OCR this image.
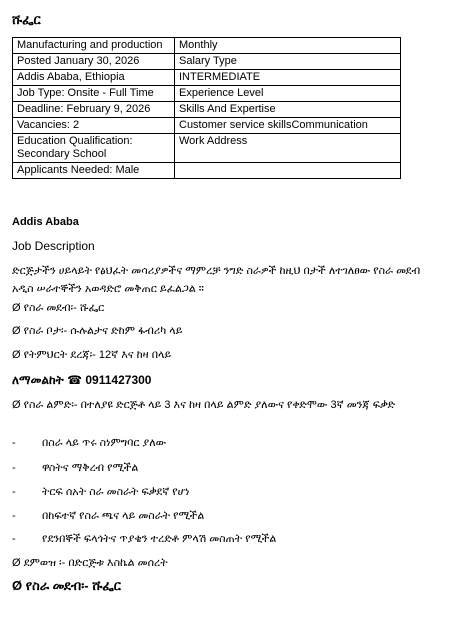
ሹፌር
Manufacturing and production	Monthly
Posted January 30, 2026	Salary Type
Addis Ababa, Ethiopia	INTERMEDIATE
Job Type: Onsite - Full Time	Experience Level
Deadline: February 9, 2026	Skills And Expertise
Vacancies: 2	Customer service skillsCommunication
Education Qualification: Secondary School	Work Address
Applicants Needed: Male	
Addis Ababa
Job Description
ድርጅታችን ሀይላይት የፅህፈት መሳሪያዎችና ማምረቻ ንግድ ስራዎች ከዚህ በታች ለተገለፀው የስራ መደብ አዲስ ሠራተኞችን አወዳድሮ መቅጠር ይፈልጋል ።
Ø የስራ መደብ፡- ሹፌር
Ø የስራ ቦታ፡- ሱሉልታና ድከም ፋብሪካ ላይ
Ø የትምህርት ደረጃ፡- 12ኛ እና ከዛ በላይ
ለማመልከት ☎ 0911427300
Ø የስራ ልምድ፡- በተለያዩ ድርጅቶ ላይ 3 እና ከዛ በላይ ልምድ ያለውና የቀድሞው 3ኛ መንጃ ፍቃድ
- በስራ ላይ ጥሩ ስነምግባር ያለው
- ዋስትና ማቅረብ የሚችል
- ትርፍ ሰአት ስራ መስራት ፍቃደኛ የሆነ
- በከፍተኛ የስራ ጫና ላይ መስራት የሚችል
- የደንበኞች ፍላጎትና ጥያቄን ተረድቶ ምላሽ መስጠት የሚችል
Ø ደምወዝ ፡- በድርጅቱ እስኬል መሰረት
Ø የስራ መደብ፡- ሹፌር
